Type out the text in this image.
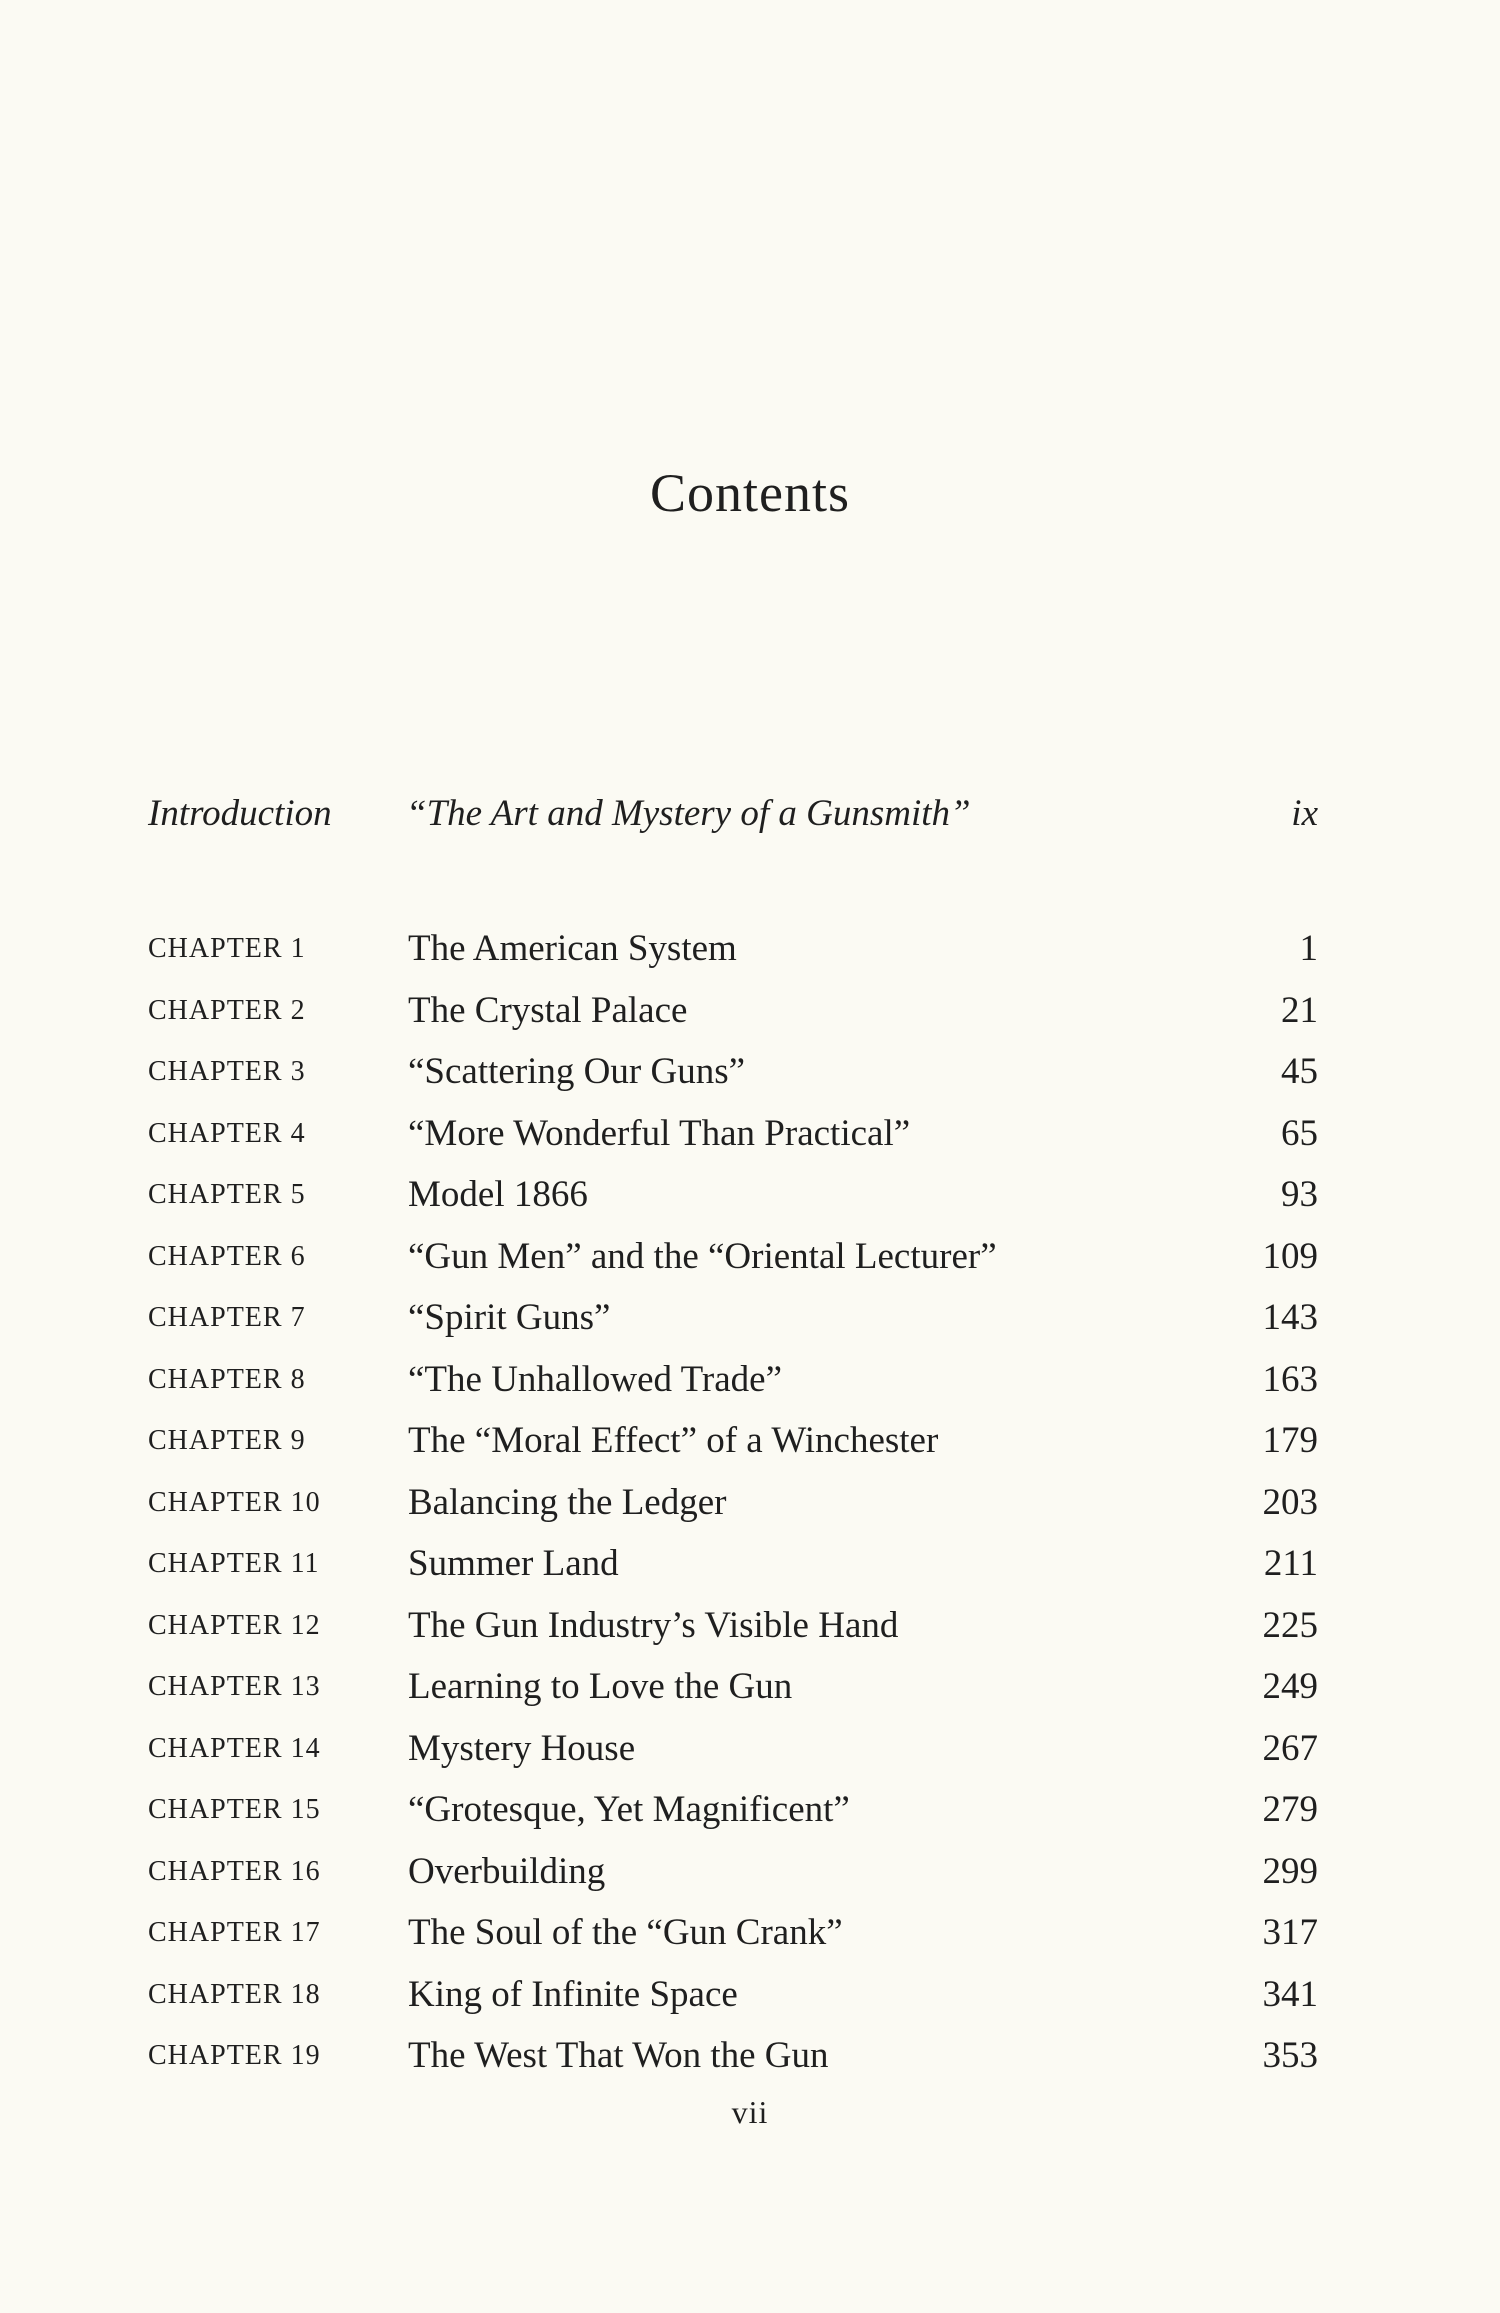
Contents
Introduction “The Art and Mystery of a Gunsmith”	ix
CHAPTER 1	The American System	1
CHAPTER 2	The Crystal Palace	21
CHAPTER 3	“Scattering Our Guns”	45
CHAPTER 4	“More Wonderful Than Practical”	65
CHAPTER 5	Model 1866	93
CHAPTER 6	“Gun Men” and the “Oriental Lecturer”	109
CHAPTER 7	“Spirit Guns”	143
CHAPTER 8	“The Unhallowed Trade”	163
CHAPTER 9	The “Moral Effect” of a Winchester	179
CHAPTER 10 Balancing the Ledger	203
CHAPTER 11 Summer Land	211
CHAPTER 12 The Gun Industry’s Visible Hand	225
CHAPTER 13 Learning to Love the Gun	249
CHAPTER 14 Mystery House	267
CHAPTER 15 “Grotesque, Yet Magnificent”	279
CHAPTER 16 Overbuilding	299
CHAPTER 17 The Soul of the “Gun Crank”	317
CHAPTER 18 King of Infinite Space	341
CHAPTER 19 The West That Won the Gun	353
vii
